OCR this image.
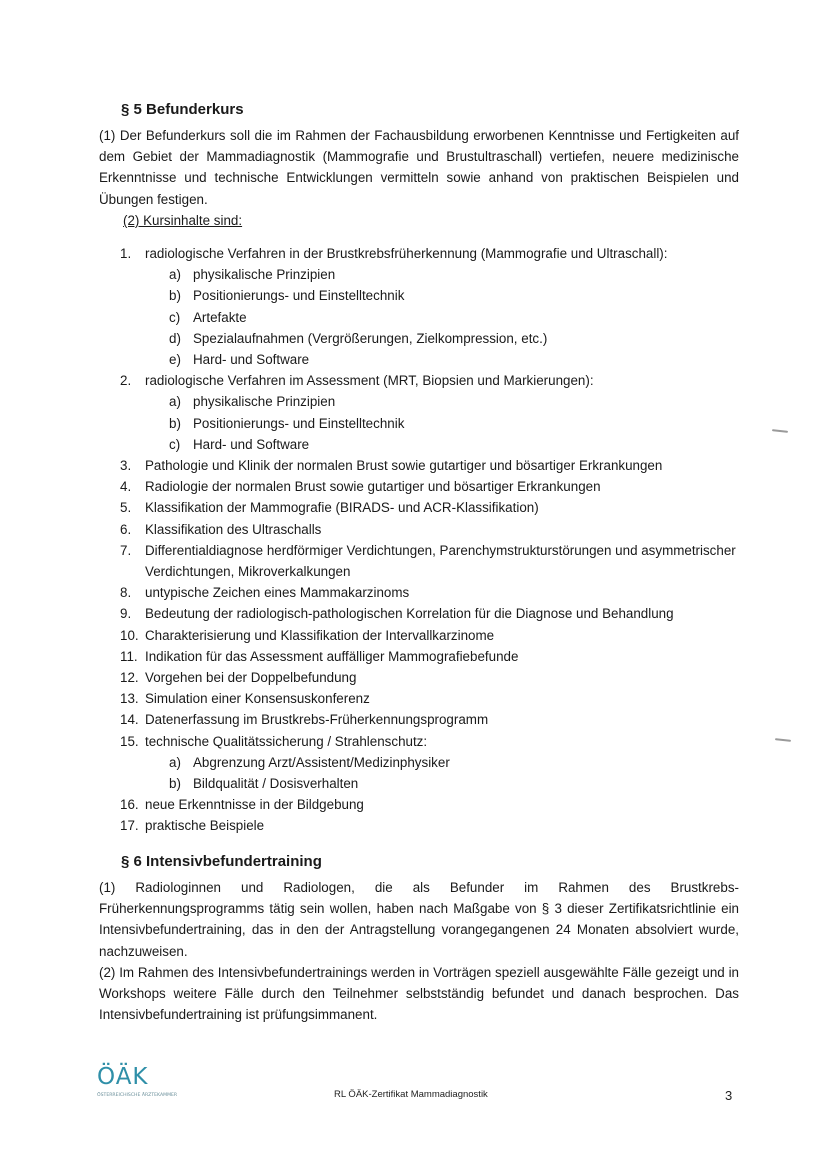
§ 5 Befunderkurs
(1) Der Befunderkurs soll die im Rahmen der Fachausbildung erworbenen Kenntnisse und Fertigkeiten auf dem Gebiet der Mammadiagnostik (Mammografie und Brustultraschall) vertiefen, neuere medizinische Erkenntnisse und technische Entwicklungen vermitteln sowie anhand von praktischen Beispielen und Übungen festigen.
(2) Kursinhalte sind:
1.	radiologische Verfahren in der Brustkrebsfrüherkennung (Mammografie und Ultraschall):
a) physikalische Prinzipien
b) Positionierungs- und Einstelltechnik
c) Artefakte
d) Spezialaufnahmen (Vergrößerungen, Zielkompression, etc.)
e) Hard- und Software
2.	radiologische Verfahren im Assessment (MRT, Biopsien und Markierungen):
a) physikalische Prinzipien
b) Positionierungs- und Einstelltechnik
c) Hard- und Software
3.	Pathologie und Klinik der normalen Brust sowie gutartiger und bösartiger Erkrankungen
4.	Radiologie der normalen Brust sowie gutartiger und bösartiger Erkrankungen
5.	Klassifikation der Mammografie (BIRADS- und ACR-Klassifikation)
6.	Klassifikation des Ultraschalls
7.	Differentialdiagnose herdförmiger Verdichtungen, Parenchymstrukturstörungen und asymmetrischer Verdichtungen, Mikroverkalkungen
8.	untypische Zeichen eines Mammakarzinoms
9.	Bedeutung der radiologisch-pathologischen Korrelation für die Diagnose und Behandlung
10. Charakterisierung und Klassifikation der Intervallkarzinome
11. Indikation für das Assessment auffälliger Mammografiebefunde
12. Vorgehen bei der Doppelbefundung
13. Simulation einer Konsensuskonferenz
14. Datenerfassung im Brustkrebs-Früherkennungsprogramm
15. technische Qualitätssicherung / Strahlenschutz:
a) Abgrenzung Arzt/Assistent/Medizinphysiker
b) Bildqualität / Dosisverhalten
16. neue Erkenntnisse in der Bildgebung
17. praktische Beispiele
§ 6 Intensivbefundertraining
(1) Radiologinnen und Radiologen, die als Befunder im Rahmen des Brustkrebs-Früherkennungsprogramms tätig sein wollen, haben nach Maßgabe von § 3 dieser Zertifikatsrichtlinie ein Intensivbefundertraining, das in den der Antragstellung vorangegangenen 24 Monaten absolviert wurde, nachzuweisen.
(2) Im Rahmen des Intensivbefundertrainings werden in Vorträgen speziell ausgewählte Fälle gezeigt und in Workshops weitere Fälle durch den Teilnehmer selbstständig befundet und danach besprochen. Das Intensivbefundertraining ist prüfungsimmanent.
ÖÄK
ÖSTERREICHISCHE ÄRZTEKAMMER	RL ÖÄK-Zertifikat Mammadiagnostik	3
